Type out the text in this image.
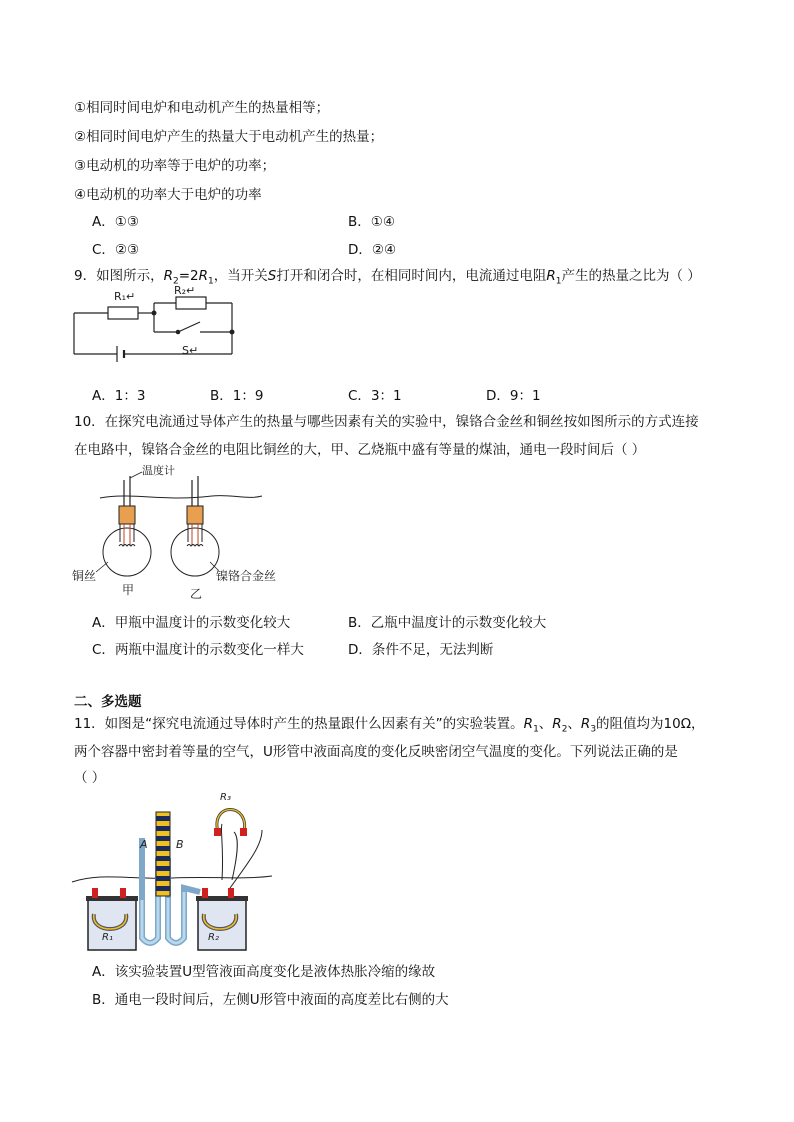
①相同时间电炉和电动机产生的热量相等；
②相同时间电炉产生的热量大于电动机产生的热量；
③电动机的功率等于电炉的功率；
④电动机的功率大于电炉的功率
A．①③	B．①④
C．②③	D．②④
9．如图所示，$R_2=2R_1$，当开关S打开和闭合时，在相同时间内，电流通过电阻$R_1$产生的热量之比为（ ）
R₁↵	R₂↵
S↵
A．1：3	B．1：9	C．3：1	D．9：1
10．在探究电流通过导体产生的热量与哪些因素有关的实验中，镍铬合金丝和铜丝按如图所示的方式连接
在电路中，镍铬合金丝的电阻比铜丝的大，甲、乙烧瓶中盛有等量的煤油，通电一段时间后（ ）
温度计
铜丝	镍铬合金丝
甲	乙
A．甲瓶中温度计的示数变化较大	B．乙瓶中温度计的示数变化较大
C．两瓶中温度计的示数变化一样大	D．条件不足，无法判断
二、多选题
11．如图是“探究电流通过导体时产生的热量跟什么因素有关”的实验装置。$R_1$、$R_2$、$R_3$的阻值均为10Ω，
两个容器中密封着等量的空气，U形管中液面高度的变化反映密闭空气温度的变化。下列说法正确的是
（ ）
R₃
A	B
R₁	R₂
A．该实验装置U型管液面高度变化是液体热胀冷缩的缘故
B．通电一段时间后，左侧U形管中液面的高度差比右侧的大
